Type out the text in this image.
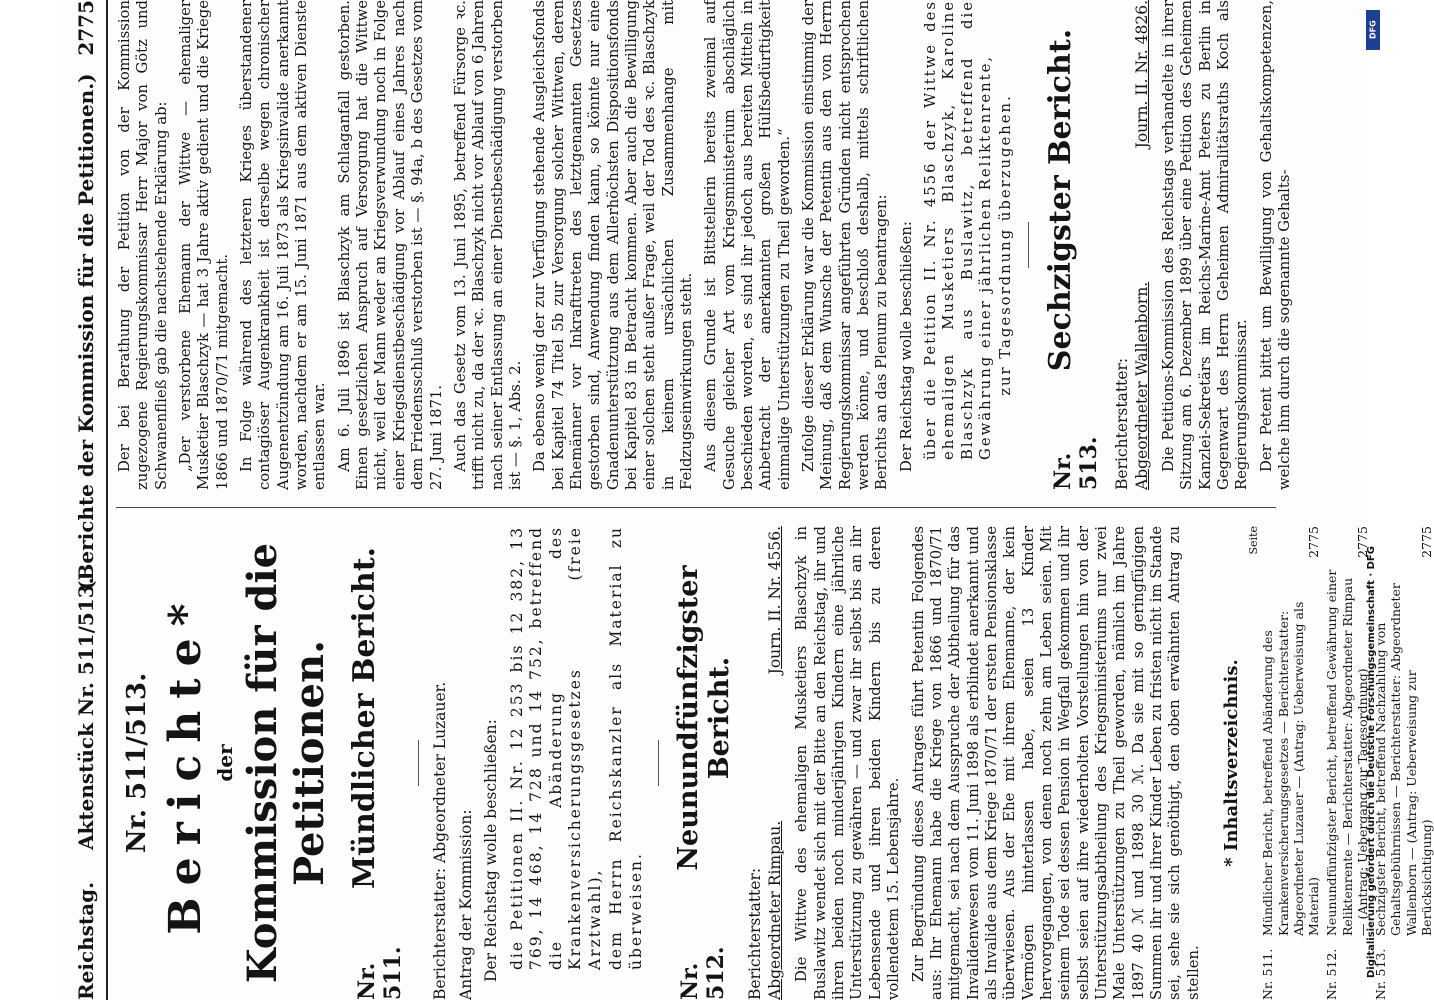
Reichstag.
Aktenstück Nr. 511/513.
(Berichte der Kommission für die Petitionen.)
2775
Nr. 511/513. Berichte* der Kommission für die Petitionen.
Nr. 511.
Mündlicher Bericht.	Berichterstatter: Abgeordneter Luzauer. Antrag der Kommission: Der Reichstag wolle beschließen: die Petitionen II. Nr. 12 253 bis 12 382, 13 769, 14 468, 14 728 und 14 752, betreffend die Abänderung des Krankenversicherungsgesetzes (freie Arztwahl), dem Herrn Reichskanzler als Material zu überweisen.

Nr. 512.
Neunundfünfzigster Bericht.
Berichterstatter: Abgeordneter Rimpau.
Journ. II. Nr. 4556. Die Wittwe des ehemaligen Musketiers Blaschzyk in Buslawitz wendet sich mit der Bitte an den Reichstag, ihr und ihren beiden noch minderjährigen Kindern eine jährliche Unterstützung zu gewähren — und zwar ihr selbst bis an ihr Lebensende und ihren beiden Kindern bis zu deren vollendetem 15. Lebensjahre. Zur Begründung dieses Antrages führt Petentin Folgendes aus: Ihr Ehemann habe die Kriege von 1866 und 1870/71 mitgemacht, sei nach dem Ausspruche der Abtheilung für das Invalidenwesen vom 11. Juni 1898 als erblindet anerkannt und als Invalide aus dem Kriege 1870/71 der ersten Pensionsklasse überwiesen. Aus der Ehe mit ihrem Ehemanne, der kein Vermögen hinterlassen habe, seien 13 Kinder hervorgegangen, von denen noch zehn am Leben seien. Mit seinem Tode sei dessen Pension in Wegfall gekommen und ihr selbst seien auf ihre wiederholten Vorstellungen hin von der Unterstützungsabtheilung des Kriegsministeriums nur zwei Male Unterstützungen zu Theil geworden, nämlich im Jahre 1897 40 ℳ und 1898 30 ℳ. Da sie mit so geringfügigen Summen ihr und ihrer Kinder Leben zu fristen nicht im Stande sei, sehe sie sich genöthigt, den oben erwähnten Antrag zu stellen.

* Inhaltsverzeichnis.
Seite
Nr. 511.
Mündlicher Bericht, betreffend Abänderung des Krankenversicherungsgesetzes — Berichterstatter: Abgeordneter Luzauer — (Antrag: Ueberweisung als Material)
2775
Nr. 512.
Neunundfünfzigster Bericht, betreffend Gewährung einer Reliktenrente — Berichterstatter: Abgeordneter Rimpau — (Antrag: Uebergang zur Tagesordnung)
2775
Nr. 513.
Sechzigster Bericht, betreffend Nachzahlung von Gehaltsgebührnissen — Berichterstatter: Abgeordneter Wallenborn — (Antrag: Ueberweisung zur Berücksichtigung)
2775

Der bei Berathung der Petition von der Kommission zugezogene Regierungskommissar Herr Major von Götz und Schwanenfließ gab die nachstehende Erklärung ab: „Der verstorbene Ehemann der Wittwe — ehemaliger Musketier Blaschzyk — hat 3 Jahre aktiv gedient und die Kriege 1866 und 1870/71 mitgemacht. In Folge während des letzteren Krieges überstandener contagiöser Augenkrankheit ist derselbe wegen chronischer Augenentzündung am 16. Juli 1873 als Kriegsinvalide anerkannt worden, nachdem er am 15. Juni 1871 aus dem aktiven Dienste entlassen war. Am 6. Juli 1896 ist Blaschzyk am Schlaganfall gestorben. Einen gesetzlichen Anspruch auf Versorgung hat die Wittwe nicht, weil der Mann weder an Kriegsverwundung noch in Folge einer Kriegsdienstbeschädigung vor Ablauf eines Jahres nach dem Friedensschluß verstorben ist — §. 94a, b des Gesetzes vom 27. Juni 1871. Auch das Gesetz vom 13. Juni 1895, betreffend Fürsorge ꝛc. trifft nicht zu, da der ꝛc. Blaschzyk nicht vor Ablauf von 6 Jahren nach seiner Entlassung an einer Dienstbeschädigung verstorben ist — §. 1, Abs. 2. Da ebenso wenig der zur Verfügung stehende Ausgleichsfonds bei Kapitel 74 Titel 5b zur Versorgung solcher Wittwen, deren Ehemänner vor Inkrafttreten des letztgenannten Gesetzes gestorben sind, Anwendung finden kann, so könnte nur eine Gnadenunterstützung aus dem Allerhöchsten Dispositionsfonds bei Kapitel 83 in Betracht kommen. Aber auch die Bewilligung einer solchen steht außer Frage, weil der Tod des ꝛc. Blaschzyk in keinem ursächlichen Zusammenhange mit Feldzugseinwirkungen steht. Aus diesem Grunde ist Bittstellerin bereits zweimal auf Gesuche gleicher Art vom Kriegsministerium abschläglich beschieden worden, es sind ihr jedoch aus bereiten Mitteln in Anbetracht der anerkannten großen Hülfsbedürftigkeit einmalige Unterstützungen zu Theil geworden.“ Zufolge dieser Erklärung war die Kommission einstimmig der Meinung, daß dem Wunsche der Petentin aus den von Herrn Regierungskommissar angeführten Gründen nicht entsprochen werden könne, und beschloß deshalb, mittels schriftlichen Berichts an das Plenum zu beantragen: Der Reichstag wolle beschließen: über die Petition II. Nr. 4556 der Wittwe des ehemaligen Musketiers Blaschzyk, Karoline Blaschzyk aus Buslawitz, betreffend die Gewährung einer jährlichen Reliktenrente, zur Tagesordnung überzugehen.

Nr. 513.
Sechzigster Bericht.
Berichterstatter: Abgeordneter Wallenborn.
Journ. II. Nr. 4826. Die Petitions-Kommission des Reichstags verhandelte in ihrer Sitzung am 6. Dezember 1899 über eine Petition des Geheimen Kanzlei-Sekretärs im Reichs-Marine-Amt Peters zu Berlin in Gegenwart des Herrn Geheimen Admiralitätsraths Koch als Regierungskommissar. Der Petent bittet um Bewilligung von Gehaltskompetenzen, welche ihm durch die sogenannte Gehalts-

DFG
Digitalisierung gefördert durch die Deutsche Forschungsgemeinschaft · DFG
